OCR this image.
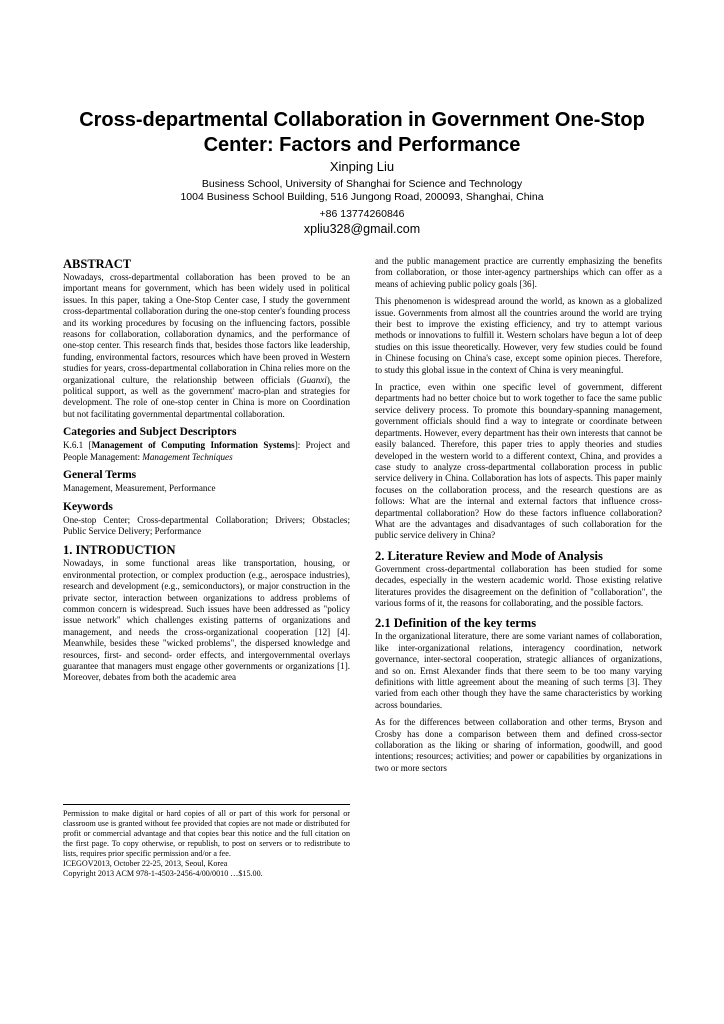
Cross-departmental Collaboration in Government One-Stop Center: Factors and Performance

Xinping Liu

Business School, University of Shanghai for Science and Technology

1004 Business School Building, 516 Jungong Road, 200093, Shanghai, China

+86 13774260846

xpliu328@gmail.com

ABSTRACT

Nowadays, cross-departmental collaboration has been proved to be an important means for government, which has been widely used in political issues. In this paper, taking a One-Stop Center case, I study the government cross-departmental collaboration during the one-stop center's founding process and its working procedures by focusing on the influencing factors, possible reasons for collaboration, collaboration dynamics, and the performance of one-stop center. This research finds that, besides those factors like leadership, funding, environmental factors, resources which have been proved in Western studies for years, cross-departmental collaboration in China relies more on the organizational culture, the relationship between officials (Guanxi), the political support, as well as the government' macro-plan and strategies for development. The role of one-stop center in China is more on Coordination but not facilitating governmental departmental collaboration.

Categories and Subject Descriptors

K.6.1 [Management of Computing Information Systems]: Project and People Management: Management Techniques

General Terms

Management, Measurement, Performance

Keywords

One-stop Center; Cross-departmental Collaboration; Drivers; Obstacles; Public Service Delivery; Performance

1. INTRODUCTION

Nowadays, in some functional areas like transportation, housing, or environmental protection, or complex production (e.g., aerospace industries), research and development (e.g., semiconductors), or major construction in the private sector, interaction between organizations to address problems of common concern is widespread. Such issues have been addressed as "policy issue network" which challenges existing patterns of organizations and management, and needs the cross-organizational cooperation [12] [4]. Meanwhile, besides these "wicked problems", the dispersed knowledge and resources, first- and second- order effects, and intergovernmental overlays guarantee that managers must engage other governments or organizations [1]. Moreover, debates from both the academic area

Permission to make digital or hard copies of all or part of this work for personal or classroom use is granted without fee provided that copies are not made or distributed for profit or commercial advantage and that copies bear this notice and the full citation on the first page. To copy otherwise, or republish, to post on servers or to redistribute to lists, requires prior specific permission and/or a fee.

ICEGOV2013, October 22-25, 2013, Seoul, Korea

Copyright 2013 ACM 978-1-4503-2456-4/00/0010 …$15.00.

and the public management practice are currently emphasizing the benefits from collaboration, or those inter-agency partnerships which can offer as a means of achieving public policy goals [36].

This phenomenon is widespread around the world, as known as a globalized issue. Governments from almost all the countries around the world are trying their best to improve the existing efficiency, and try to attempt various methods or innovations to fulfill it. Western scholars have begun a lot of deep studies on this issue theoretically. However, very few studies could be found in Chinese focusing on China's case, except some opinion pieces. Therefore, to study this global issue in the context of China is very meaningful.

In practice, even within one specific level of government, different departments had no better choice but to work together to face the same public service delivery process. To promote this boundary-spanning management, government officials should find a way to integrate or coordinate between departments. However, every department has their own interests that cannot be easily balanced. Therefore, this paper tries to apply theories and studies developed in the western world to a different context, China, and provides a case study to analyze cross-departmental collaboration process in public service delivery in China. Collaboration has lots of aspects. This paper mainly focuses on the collaboration process, and the research questions are as follows: What are the internal and external factors that influence cross-departmental collaboration? How do these factors influence collaboration? What are the advantages and disadvantages of such collaboration for the public service delivery in China?

2. Literature Review and Mode of Analysis

Government cross-departmental collaboration has been studied for some decades, especially in the western academic world. Those existing relative literatures provides the disagreement on the definition of "collaboration", the various forms of it, the reasons for collaborating, and the possible factors.

2.1 Definition of the key terms

In the organizational literature, there are some variant names of collaboration, like inter-organizational relations, interagency coordination, network governance, inter-sectoral cooperation, strategic alliances of organizations, and so on. Ernst Alexander finds that there seem to be too many varying definitions with little agreement about the meaning of such terms [3]. They varied from each other though they have the same characteristics by working across boundaries.

As for the differences between collaboration and other terms, Bryson and Crosby has done a comparison between them and defined cross-sector collaboration as the liking or sharing of information, goodwill, and good intentions; resources; activities; and power or capabilities by organizations in two or more sectors
